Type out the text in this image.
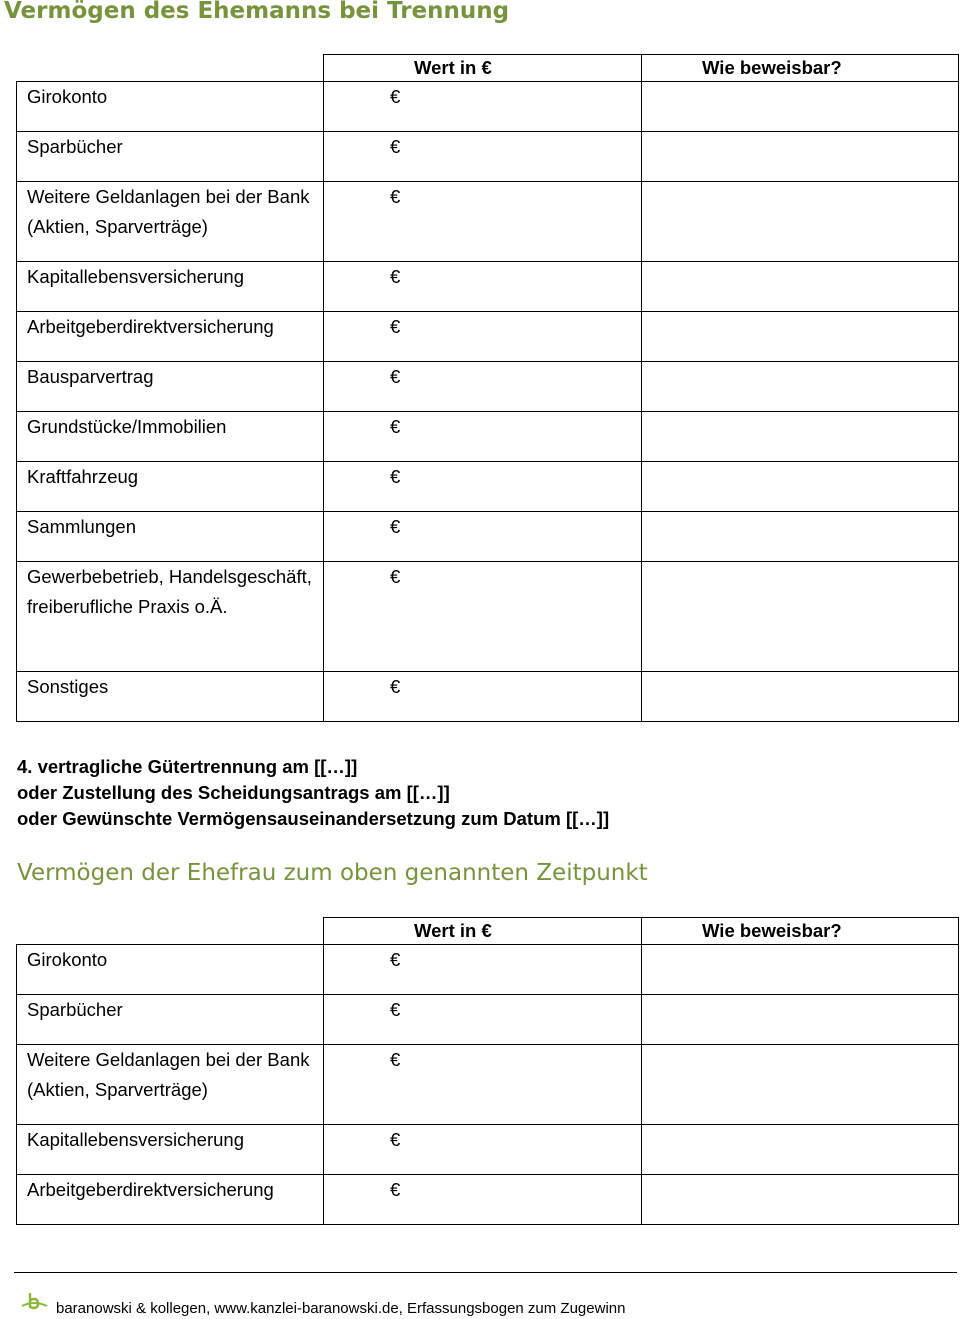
Vermögen des Ehemanns bei Trennung
	Wert in €	Wie beweisbar?
Girokonto	€	
Sparbücher	€	
Weitere Geldanlagen bei der Bank (Aktien, Sparverträge)	€	
Kapitallebensversicherung	€	
Arbeitgeberdirektversicherung	€	
Bausparvertrag	€	
Grundstücke/Immobilien	€	
Kraftfahrzeug	€	
Sammlungen	€	
Gewerbebetrieb, Handelsgeschäft, freiberufliche Praxis o.Ä.	€	
Sonstiges	€	
4. vertragliche Gütertrennung am [[…]]
oder Zustellung des Scheidungsantrags am [[…]]
oder Gewünschte Vermögensauseinandersetzung zum Datum [[…]]
Vermögen der Ehefrau zum oben genannten Zeitpunkt
	Wert in €	Wie beweisbar?
Girokonto	€	
Sparbücher	€	
Weitere Geldanlagen bei der Bank (Aktien, Sparverträge)	€	
Kapitallebensversicherung	€	
Arbeitgeberdirektversicherung	€	
baranowski & kollegen, www.kanzlei-baranowski.de, Erfassungsbogen zum Zugewinn
